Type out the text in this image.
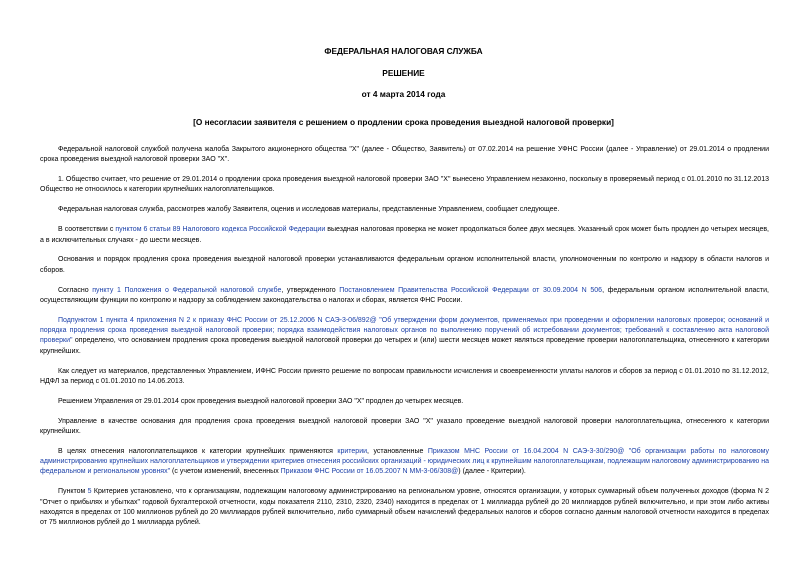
ФЕДЕРАЛЬНАЯ НАЛОГОВАЯ СЛУЖБА
РЕШЕНИЕ
от 4 марта 2014 года
[О несогласии заявителя с решением о продлении срока проведения выездной налоговой проверки]

Федеральной налоговой службой получена жалоба Закрытого акционерного общества "Х" (далее - Общество, Заявитель) от 07.02.2014 на решение УФНС России (далее - Управление) от 29.01.2014 о продлении срока проведения выездной налоговой проверки ЗАО "Х".

1. Общество считает, что решение от 29.01.2014 о продлении срока проведения выездной налоговой проверки ЗАО "Х" вынесено Управлением незаконно, поскольку в проверяемый период с 01.01.2010 по 31.12.2013 Общество не относилось к категории крупнейших налогоплательщиков.

Федеральная налоговая служба, рассмотрев жалобу Заявителя, оценив и исследовав материалы, представленные Управлением, сообщает следующее.

В соответствии с пунктом 6 статьи 89 Налогового кодекса Российской Федерации выездная налоговая проверка не может продолжаться более двух месяцев. Указанный срок может быть продлен до четырех месяцев, а в исключительных случаях - до шести месяцев.

Основания и порядок продления срока проведения выездной налоговой проверки устанавливаются федеральным органом исполнительной власти, уполномоченным по контролю и надзору в области налогов и сборов.

Согласно пункту 1 Положения о Федеральной налоговой службе, утвержденного Постановлением Правительства Российской Федерации от 30.09.2004 N 506, федеральным органом исполнительной власти, осуществляющим функции по контролю и надзору за соблюдением законодательства о налогах и сборах, является ФНС России.

Подпунктом 1 пункта 4 приложения N 2 к приказу ФНС России от 25.12.2006 N САЭ-3-06/892@ "Об утверждении форм документов, применяемых при проведении и оформлении налоговых проверок; оснований и порядка продления срока проведения выездной налоговой проверки; порядка взаимодействия налоговых органов по выполнению поручений об истребовании документов; требований к составлению акта налоговой проверки" определено, что основанием продления срока проведения выездной налоговой проверки до четырех и (или) шести месяцев может являться проведение проверки налогоплательщика, отнесенного к категории крупнейших.

Как следует из материалов, представленных Управлением, ИФНС России принято решение по вопросам правильности исчисления и своевременности уплаты налогов и сборов за период с 01.01.2010 по 31.12.2012, НДФЛ за период с 01.01.2010 по 14.06.2013.

Решением Управления от 29.01.2014 срок проведения выездной налоговой проверки ЗАО "Х" продлен до четырех месяцев.

Управление в качестве основания для продления срока проведения выездной налоговой проверки ЗАО "Х" указало проведение выездной налоговой проверки налогоплательщика, отнесенного к категории крупнейших.

В целях отнесения налогоплательщиков к категории крупнейших применяются критерии, установленные Приказом МНС России от 16.04.2004 N САЭ-3-30/290@ "Об организации работы по налоговому администрированию крупнейших налогоплательщиков и утверждении критериев отнесения российских организаций - юридических лиц к крупнейшим налогоплательщикам, подлежащим налоговому администрированию на федеральном и региональном уровнях" (с учетом изменений, внесенных Приказом ФНС России от 16.05.2007 N ММ-3-06/308@) (далее - Критерии).

Пунктом 5 Критериев установлено, что к организациям, подлежащим налоговому администрированию на региональном уровне, относятся организации, у которых суммарный объем полученных доходов (форма N 2 "Отчет о прибылях и убытках" годовой бухгалтерской отчетности, коды показателя 2110, 2310, 2320, 2340) находится в пределах от 1 миллиарда рублей до 20 миллиардов рублей включительно, и при этом либо активы находятся в пределах от 100 миллионов рублей до 20 миллиардов рублей включительно, либо суммарный объем начислений федеральных налогов и сборов согласно данным налоговой отчетности находится в пределах от 75 миллионов рублей до 1 миллиарда рублей.
